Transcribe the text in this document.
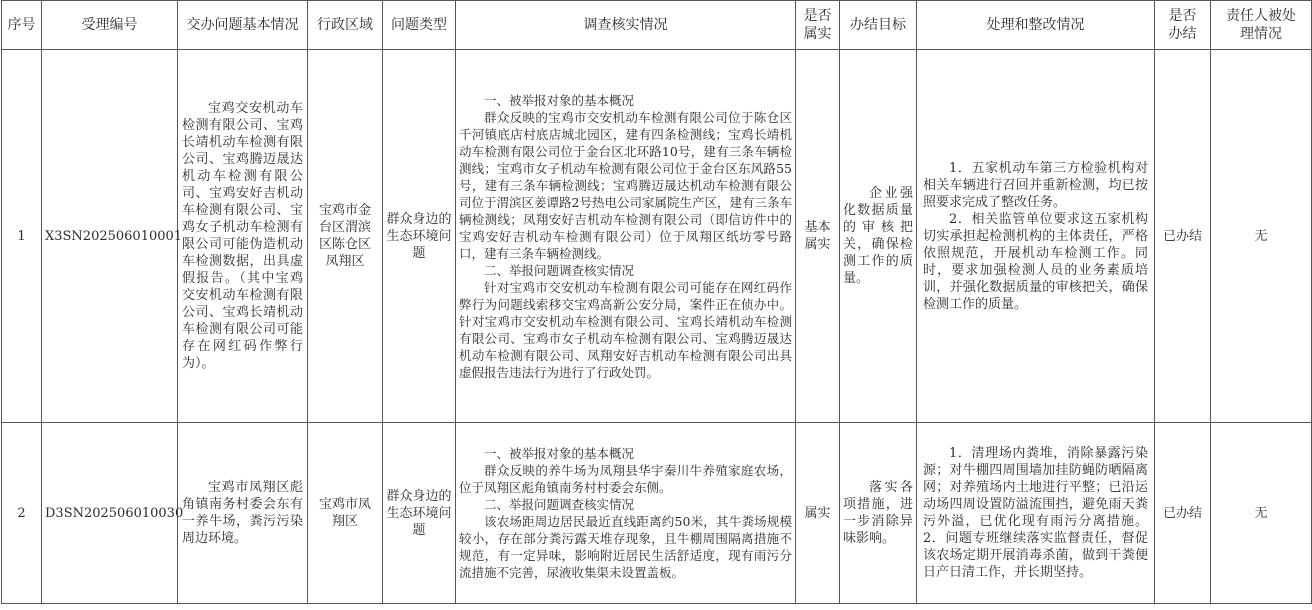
序号	受理编号	交办问题基本情况	行政区域	问题类型	调查核实情况	是否属实	办结目标	处理和整改情况	是否办结	责任人被处理情况
1	X3SN202506010001	宝鸡交安机动车检测有限公司、宝鸡长靖机动车检测有限公司、宝鸡腾迈晟达机动车检测有限公司、宝鸡安好吉机动车检测有限公司、宝鸡女子机动车检测有限公司可能伪造机动车检测数据，出具虚假报告。（其中宝鸡交安机动车检测有限公司、宝鸡长靖机动车检测有限公司可能存在网红码作弊行为）。	宝鸡市金台区渭滨区陈仓区凤翔区	群众身边的生态环境问题	一、被举报对象的基本概况
群众反映的宝鸡市交安机动车检测有限公司位于陈仓区千河镇底店村底店城北园区，建有四条检测线；宝鸡长靖机动车检测有限公司位于金台区北环路10号，建有三条车辆检测线；宝鸡市女子机动车检测有限公司位于金台区东风路55号，建有三条车辆检测线；宝鸡腾迈晟达机动车检测有限公司位于渭滨区姜谭路2号热电公司家属院生产区，建有三条车辆检测线；凤翔安好吉机动车检测有限公司（即信访件中的宝鸡安好吉机动车检测有限公司）位于凤翔区纸坊零号路口，建有三条车辆检测线。
二、举报问题调查核实情况
针对宝鸡市交安机动车检测有限公司可能存在网红码作弊行为问题线索移交宝鸡高新公安分局，案件正在侦办中。针对宝鸡市交安机动车检测有限公司、宝鸡长靖机动车检测有限公司、宝鸡市女子机动车检测有限公司、宝鸡腾迈晟达机动车检测有限公司、凤翔安好吉机动车检测有限公司出具虚假报告违法行为进行了行政处罚。	基本属实	企业强化数据质量的审核把关，确保检测工作的质量。	1．五家机动车第三方检验机构对相关车辆进行召回并重新检测，均已按照要求完成了整改任务。
2．相关监管单位要求这五家机构切实承担起检测机构的主体责任，严格依照规范，开展机动车检测工作。同时，要求加强检测人员的业务素质培训，并强化数据质量的审核把关，确保检测工作的质量。	已办结	无
2	D3SN202506010030	宝鸡市凤翔区彪角镇南务村委会东有一养牛场，粪污污染周边环境。	宝鸡市凤翔区	群众身边的生态环境问题	一、被举报对象的基本概况
群众反映的养牛场为凤翔县华宇秦川牛养殖家庭农场，位于凤翔区彪角镇南务村村委会东侧。
二、举报问题调查核实情况
该农场距周边居民最近直线距离约50米，其牛粪场规模较小，存在部分粪污露天堆存现象，且牛棚周围隔离措施不规范，有一定异味，影响附近居民生活舒适度，现有雨污分流措施不完善，尿液收集渠未设置盖板。	属实	落实各项措施，进一步消除异味影响。	1．清理场内粪堆，消除暴露污染源；对牛棚四周围墙加挂防蝇防晒隔离网；对养殖场内土地进行平整；已沿运动场四周设置防溢流围挡，避免雨天粪污外溢，已优化现有雨污分离措施。2．问题专班继续落实监督责任，督促该农场定期开展消毒杀菌，做到干粪便日产日清工作，并长期坚持。	已办结	无
